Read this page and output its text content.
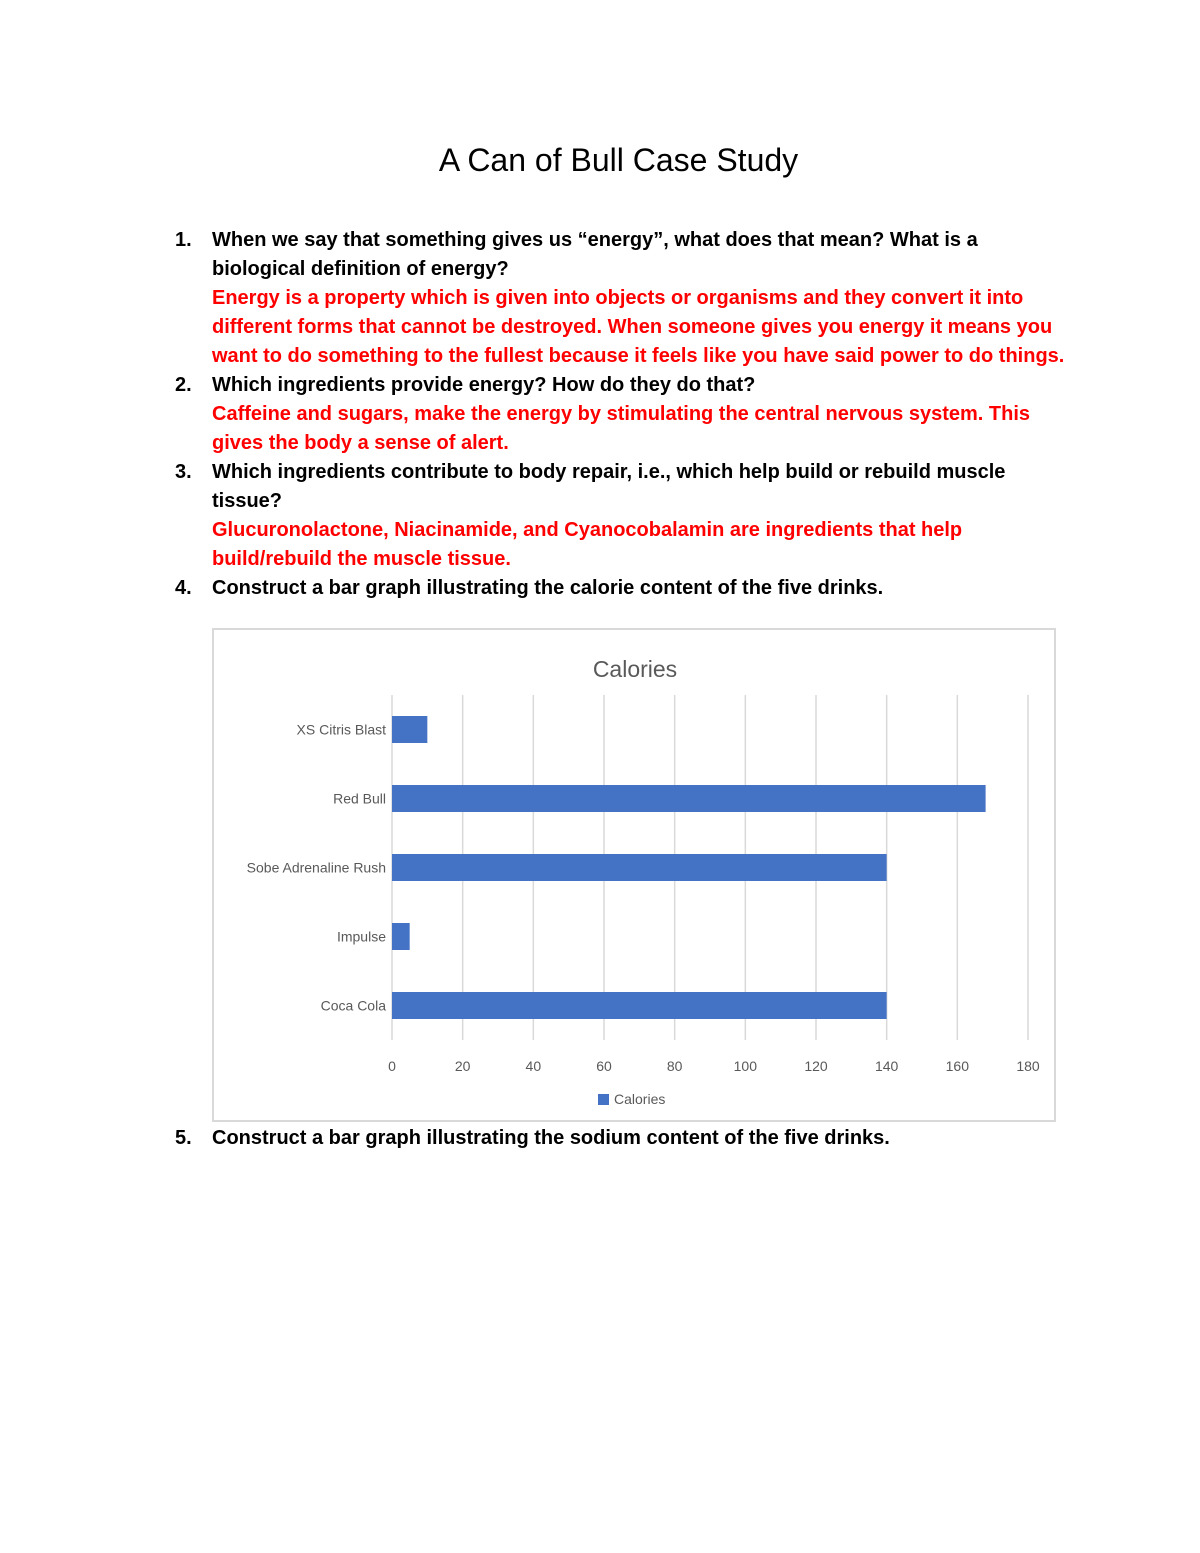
A Can of Bull Case Study
1. When we say that something gives us “energy”, what does that mean? What is a biological definition of energy?
Energy is a property which is given into objects or organisms and they convert it into different forms that cannot be destroyed. When someone gives you energy it means you want to do something to the fullest because it feels like you have said power to do things.
2. Which ingredients provide energy? How do they do that?
Caffeine and sugars, make the energy by stimulating the central nervous system. This gives the body a sense of alert.
3. Which ingredients contribute to body repair, i.e., which help build or rebuild muscle tissue?
Glucuronolactone, Niacinamide, and Cyanocobalamin are ingredients that help build/rebuild the muscle tissue.
4. Construct a bar graph illustrating the calorie content of the five drinks.
Calories
0	20	40	60	80	100	120	140	160	180
XS Citris Blast
Red Bull
Sobe Adrenaline Rush
Impulse
Coca Cola
Calories
5. Construct a bar graph illustrating the sodium content of the five drinks.
